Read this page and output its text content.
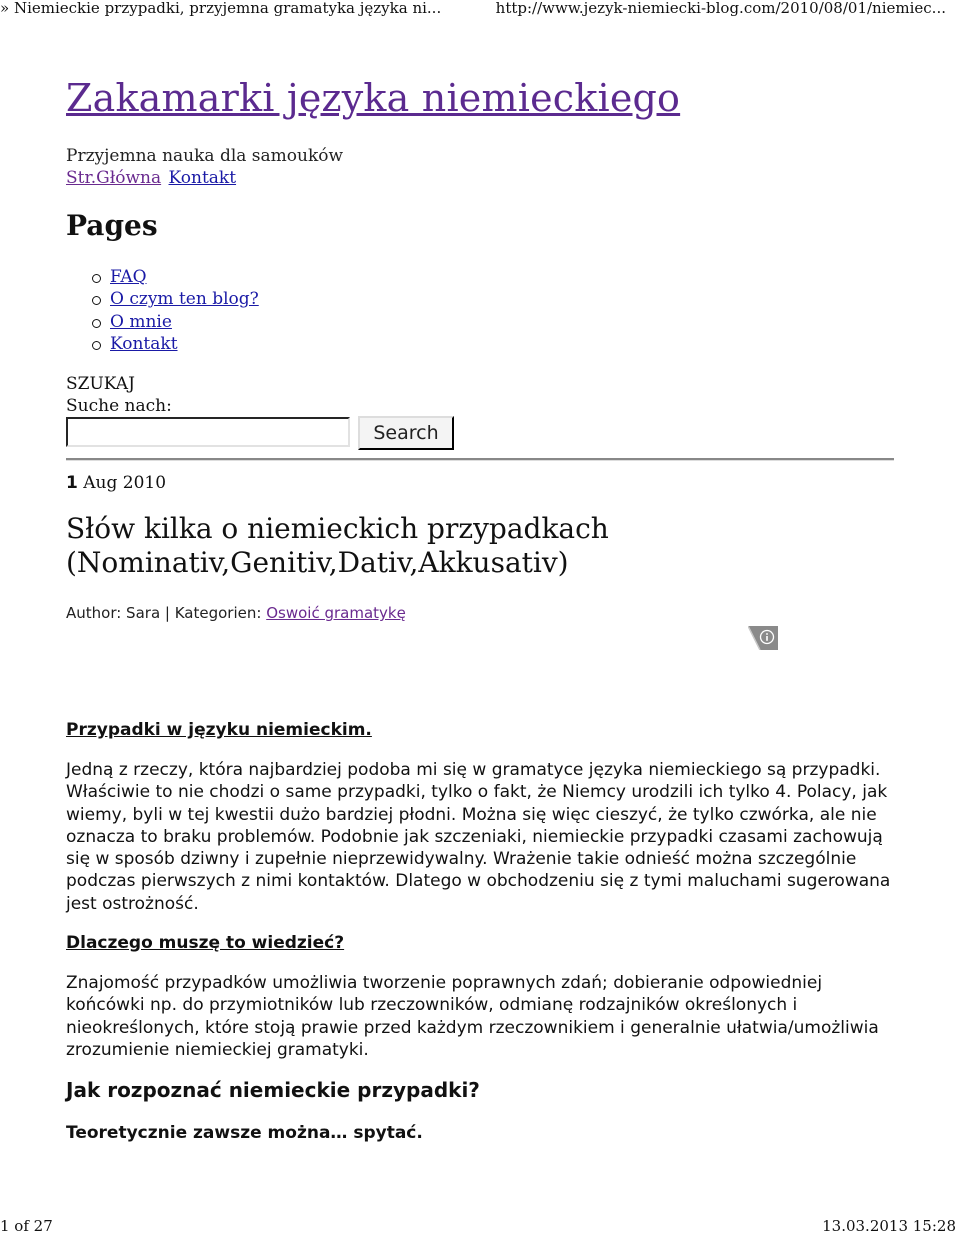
» Niemieckie przypadki, przyjemna gramatyka języka ni...	http://www.jezyk-niemiecki-blog.com/2010/08/01/niemiec...
Zakamarki języka niemieckiego
Przyjemna nauka dla samouków
Str.Główna Kontakt
Pages
FAQ
O czym ten blog?
O mnie
Kontakt
SZUKAJ
Suche nach:
Search
1 Aug 2010
Słów kilka o niemieckich przypadkach (Nominativ,Genitiv,Dativ,Akkusativ)
Author: Sara | Kategorien: Oswoić gramatykę
Przypadki w języku niemieckim.
Jedną z rzeczy, która najbardziej podoba mi się w gramatyce języka niemieckiego są przypadki. Właściwie to nie chodzi o same przypadki, tylko o fakt, że Niemcy urodzili ich tylko 4. Polacy, jak wiemy, byli w tej kwestii dużo bardziej płodni. Można się więc cieszyć, że tylko czwórka, ale nie oznacza to braku problemów. Podobnie jak szczeniaki, niemieckie przypadki czasami zachowują się w sposób dziwny i zupełnie nieprzewidywalny. Wrażenie takie odnieść można szczególnie podczas pierwszych z nimi kontaktów. Dlatego w obchodzeniu się z tymi maluchami sugerowana jest ostrożność.
Dlaczego muszę to wiedzieć?
Znajomość przypadków umożliwia tworzenie poprawnych zdań; dobieranie odpowiedniej końcówki np. do przymiotników lub rzeczowników, odmianę rodzajników określonych i nieokreślonych, które stoją prawie przed każdym rzeczownikiem i generalnie ułatwia/umożliwia zrozumienie niemieckiej gramatyki.
Jak rozpoznać niemieckie przypadki?
Teoretycznie zawsze można… spytać.
1 of 27	13.03.2013 15:28
